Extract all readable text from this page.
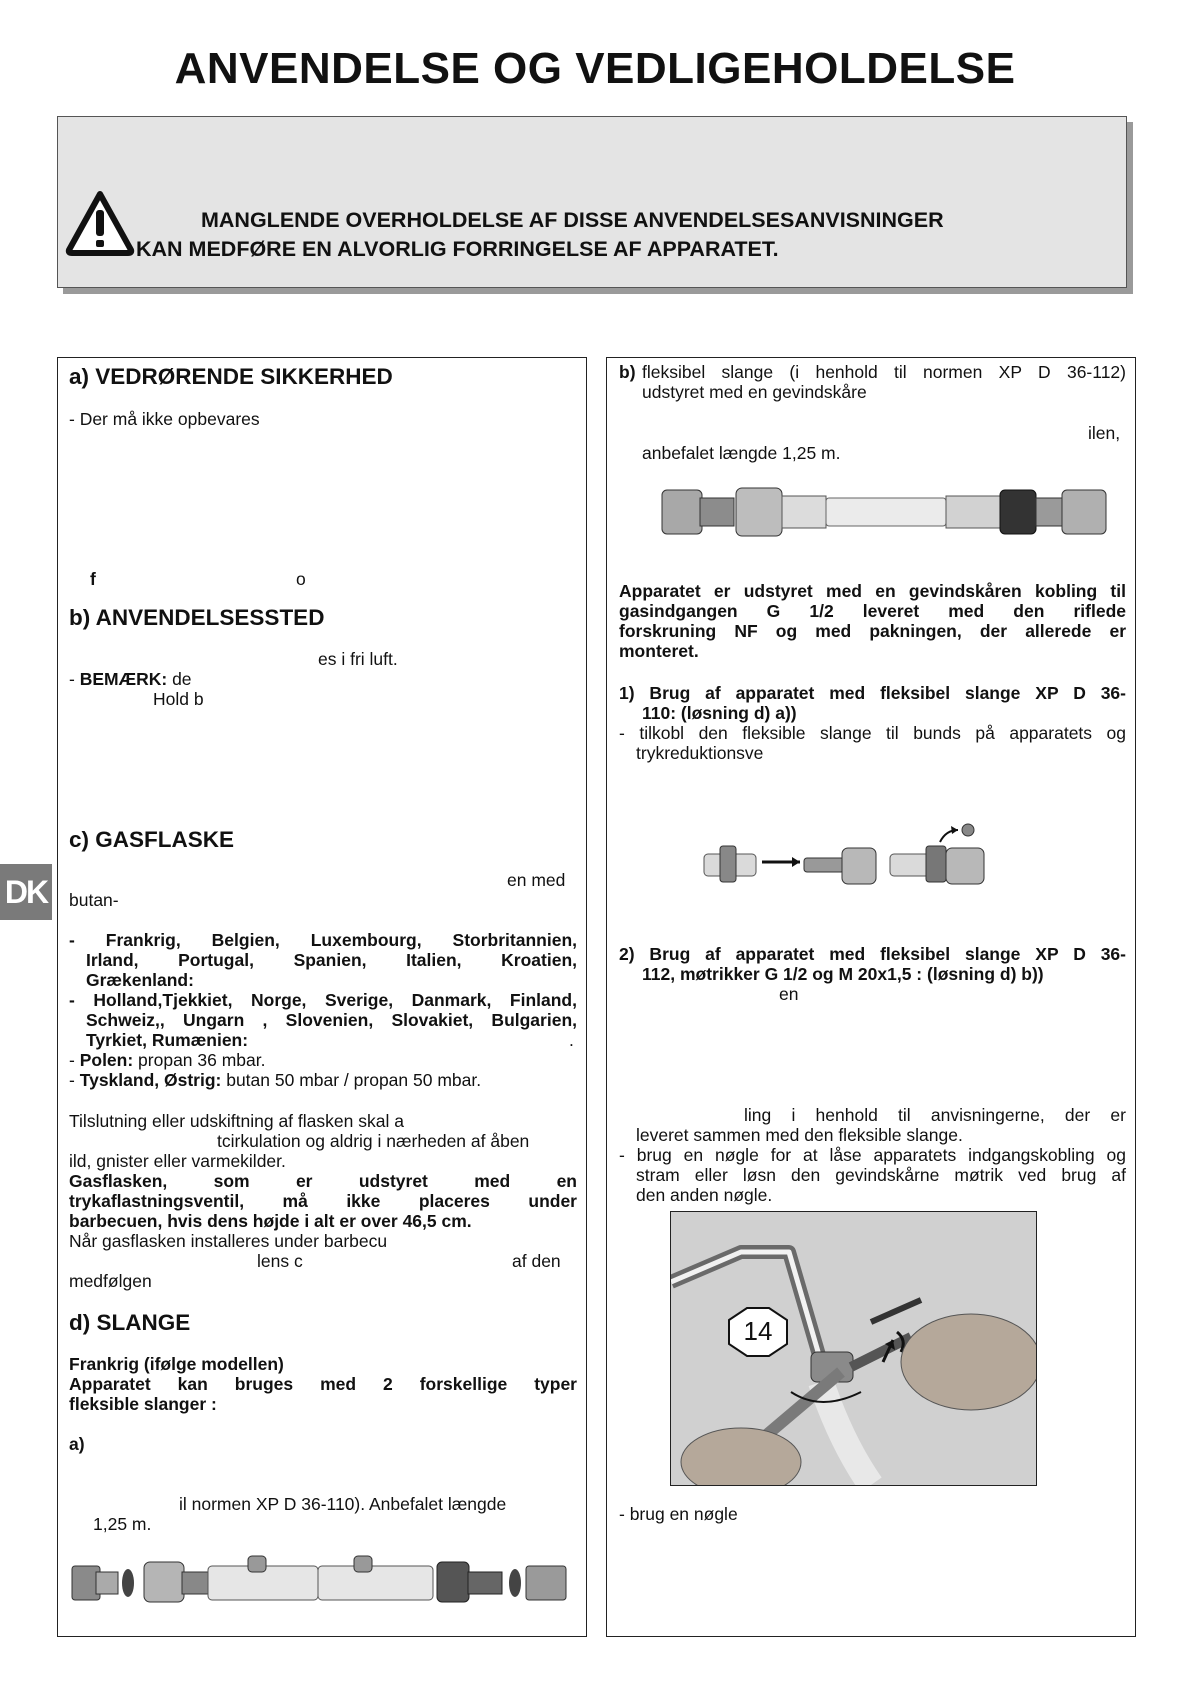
ANVENDELSE OG VEDLIGEHOLDELSE
MANGLENDE OVERHOLDELSE AF DISSE ANVENDELSESANVISNINGER
KAN MEDFØRE EN ALVORLIG FORRINGELSE AF APPARATET.
DK
a) VEDRØRENDE SIKKERHED
- Der må ikke opbevares
f	o
b) ANVENDELSESSTED
es i fri luft.
- BEMÆRK: de
Hold b
c) GASFLASKE
en med
butan-
- Frankrig, Belgien, Luxembourg, Storbritannien,
Irland, Portugal, Spanien, Italien, Kroatien,
Grækenland:
- Holland,Tjekkiet, Norge, Sverige, Danmark, Finland,
Schweiz,, Ungarn , Slovenien, Slovakiet, Bulgarien,
Tyrkiet, Rumænien:	.
- Polen: propan 36 mbar.
- Tyskland, Østrig: butan 50 mbar / propan 50 mbar.
Tilslutning eller udskiftning af flasken skal a
tcirkulation og aldrig i nærheden af åben
ild, gnister eller varmekilder.
Gasflasken, som er udstyret med en
trykaflastningsventil, må ikke placeres under
barbecuen, hvis dens højde i alt er over 46,5 cm.
Når gasflasken installeres under barbecu
lens c	af den
medfølgen
d) SLANGE
Frankrig (ifølge modellen)
Apparatet kan bruges med 2 forskellige typer
fleksible slanger :
a)
il normen XP D 36-110). Anbefalet længde
1,25 m.
b) fleksibel slange (i henhold til normen XP D 36-112)
udstyret med en gevindskåre
ilen,
anbefalet længde 1,25 m.
Apparatet er udstyret med en gevindskåren kobling til
gasindgangen G 1/2 leveret med den riflede
forskruning NF og med pakningen, der allerede er
monteret.
1) Brug af apparatet med fleksibel slange XP D 36-
110: (løsning d) a))
- tilkobl den fleksible slange til bunds på apparatets og
trykreduktionsve
2) Brug af apparatet med fleksibel slange XP D 36-
112, møtrikker G 1/2 og M 20x1,5 : (løsning d) b))
en
ling i henhold til anvisningerne, der er
leveret sammen med den fleksible slange.
- brug en nøgle for at låse apparatets indgangskobling og
stram eller løsn den gevindskårne møtrik ved brug af
den anden nøgle.
14
- brug en nøgle
